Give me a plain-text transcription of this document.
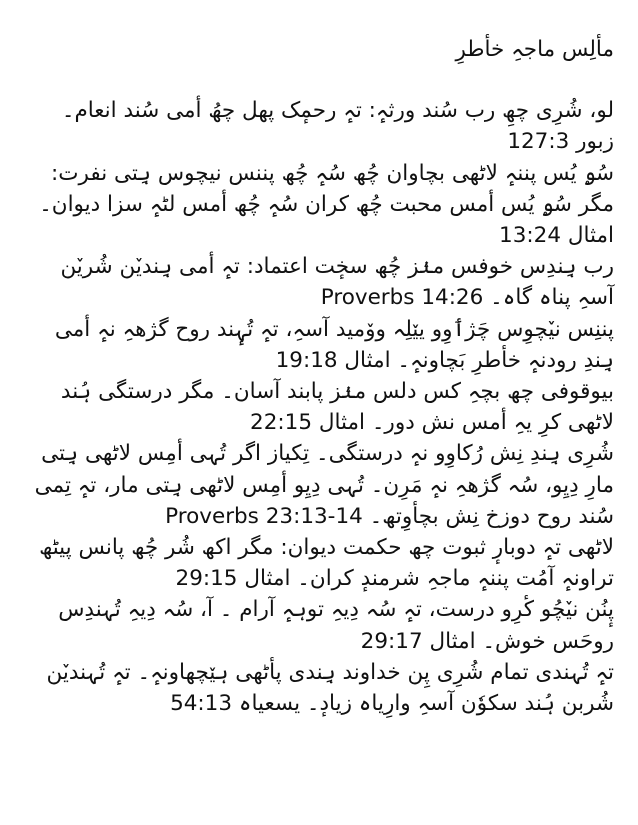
مألِس ماجہِ خأطرِ

لو، شُرِی چھِ رب سُند ورثہٕ: تہٕ رحمٕک پھل چھُ أمی سُند انعام۔ زبور 127:3

سُۄ یُس پننہٕ لاٹھی بچاوان چُھ سُہٕ چُھ پننس نیچوس ہِتی نفرت: مگر سُۄ یُس أمس محبت چُھ کران سُہٕ چُھ أمس لٹہٕ سزا دیوان۔ امثال 13:24

رب ہِندِس خوفس منٛز چُھ سخٕت اعتماد: تہٕ أمی ہِندیٚن شُریٚن آسہِ پناہ گاہ۔ Proverbs 14:26

پننِس نیٚچوِس چَژٲوِو یێلِہ ووٚمید آسہِ، تہٕ تُہٕند روح گژھہِ نہٕ أمی ہِندِ رودنہٕ خأطرِ بَچاونہٕ۔ امثال 19:18

بیوقوفی چھ بچہِ کس دلس منٛز پابند آسان۔ مگر درستگی ہُند لاٹھی کرِ یہِ أمس نش دور۔ امثال 22:15

شُرِی ہِندِ نِش رُکاوِو نہٕ درستگی۔ تِکیاز اگر تُہی أمِس لاٹھی ہِتی مارِ دِیِو، سُہ گژھہِ نہٕ مَرِن۔ تُہی دِیِو أمِس لاٹھی ہِتی مار، تہٕ تِمی سُند روح دوزخ نِش بچأوِتھ۔ Proverbs 23:13-14

لاٹھی تہٕ دوبارٕ ثبوت چھ حکمت دیوان: مگر اکھ شُر چُھ پانس پیٹھ تراونہٕ آمُت پننہٕ ماجہِ شرمندٕ کران۔ امثال 29:15

پٕنُن نیٚچُو کٔرِو درست، تہٕ سُہ دِیہِ توہہٕ آرام ۔ آ، سُہ دِیہِ تُہندِس روحَس خوش۔ امثال 29:17

تہٕ تُہندی تمام شُرِی پِن خداوند ہِندی پأٹھی ہێچھاونہٕ۔ تہٕ تُہندیٚن شُربن ہُند سکوٗن آسہِ وارِیاہ زیادٕ۔ یسعیاہ 54:13
